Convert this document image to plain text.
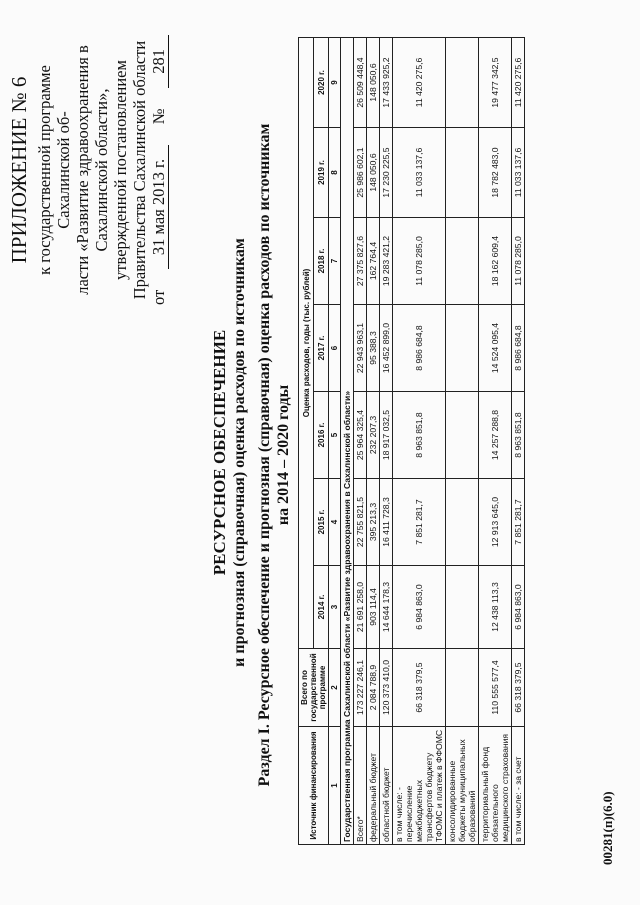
ПРИЛОЖЕНИЕ № 6 к государственной программе Сахалинской об- ласти «Развитие здравоохранения в Сахалинской области», утвержденной постановлением Правительства Сахалинской области от
31 мая 2013 г.
№
281
РЕСУРСНОЕ ОБЕСПЕЧЕНИЕ и прогнозная (справочная) оценка расходов по источникам Раздел I. Ресурсное обеспечение и прогнозная (справочная) оценка расходов по источникам на 2014 – 2020 годы
Источник финансирования	Всего по государственной программе	Оценка расходов, годы (тыс. рублей)						
		2014 г.	2015 г.	2016 г.	2017 г.	2018 г.	2019 г.	2020 г.
1	2	3	4	5	6	7	8	9
Государственная программа Сахалинской области «Развитие здравоохранения в Сахалинской области»								
Всего*	173 227 246,1	21 691 258,0	22 755 821,5	25 964 325,4	22 943 963,1	27 375 827,6	25 986 602,1	26 509 448,4
федеральный бюджет	2 084 788,9	903 114,4	395 213,3	232 207,3	95 388,3	162 764,4	148 050,6	148 050,6
областной бюджет	120 373 410,0	14 644 178,3	16 411 728,3	18 917 032,5	16 452 899,0	19 283 421,2	17 230 225,5	17 433 925,2
в том числе: - перечисление межбюджетных трансфертов бюджету ТФОМС и платеж в ФФОМС	66 318 379,5	6 984 863,0	7 851 281,7	8 963 851,8	8 986 684,8	11 078 285,0	11 033 137,6	11 420 275,6
консолидированные бюджеты муниципальных образований								
территориальный фонд обязательного медицинского страхования	110 555 577,4	12 438 113,3	12 913 645,0	14 257 288,8	14 524 095,4	18 162 609,4	18 782 483,0	19 477 342,5
в том числе: - за счет	66 318 379,5	6 984 863,0	7 851 281,7	8 963 851,8	8 986 684,8	11 078 285,0	11 033 137,6	11 420 275,6
00281(п)(6.0)
